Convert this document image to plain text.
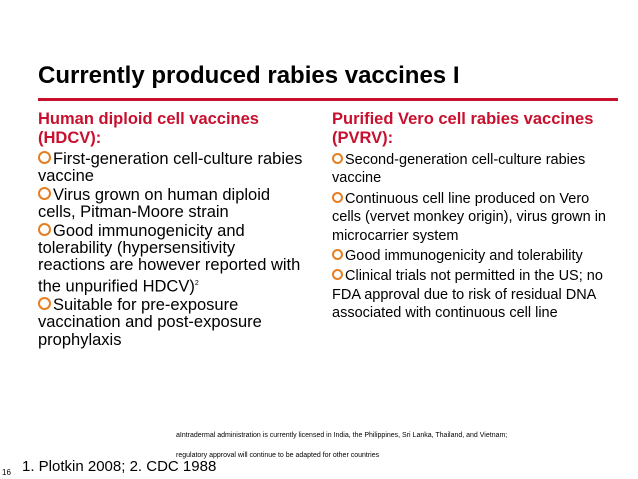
Currently produced rabies vaccines I
Human diploid cell vaccines (HDCV):
First-generation cell-culture rabies vaccine
Virus grown on human diploid cells, Pitman-Moore strain
Good immunogenicity and tolerability (hypersensitivity reactions are however reported with the unpurified HDCV)$^2$
Suitable for pre-exposure vaccination and post-exposure prophylaxis
Purified Vero cell rabies vaccines (PVRV):
Second-generation cell-culture rabies vaccine
Continuous cell line produced on Vero cells (vervet monkey origin), virus grown in microcarrier system
Good immunogenicity and tolerability
Clinical trials not permitted in the US; no FDA approval due to risk of residual DNA associated with continuous cell line
aIntradermal administration is currently licensed in India, the Philippines, Sri Lanka, Thailand, and Vietnam;
regulatory approval will continue to be adapted for other countries
1. Plotkin 2008; 2. CDC 1988
16
